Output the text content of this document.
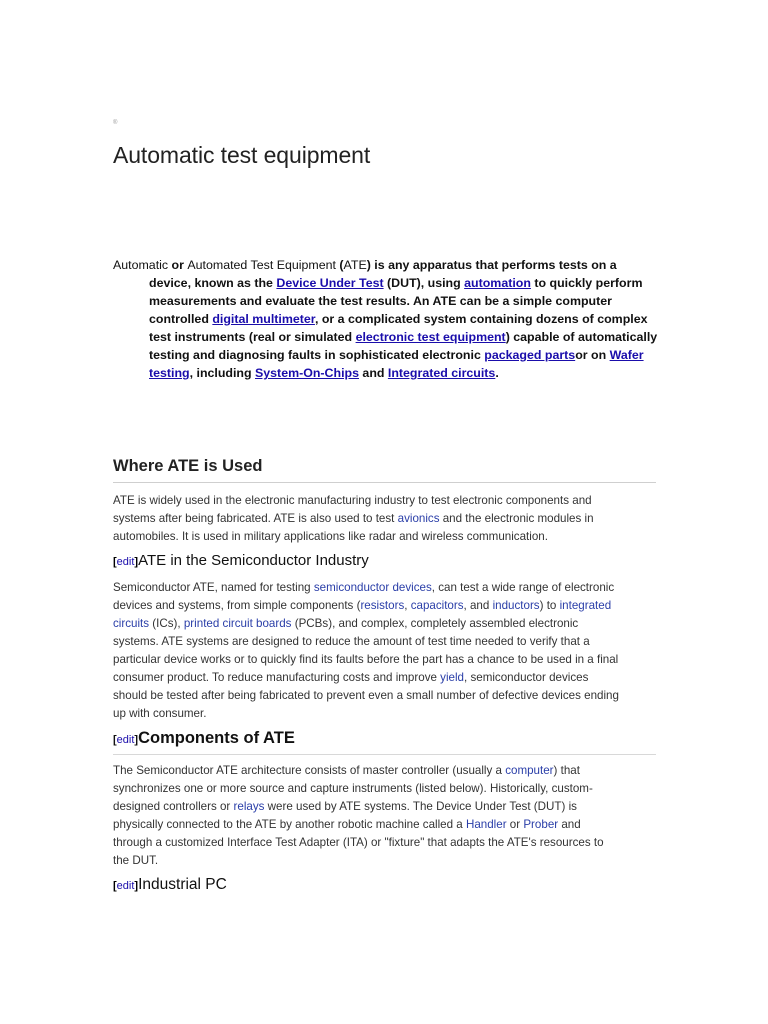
®
Automatic test equipment
Automatic or Automated Test Equipment (ATE) is any apparatus that performs tests on a
device, known as the Device Under Test (DUT), using automation to quickly perform
measurements and evaluate the test results. An ATE can be a simple computer
controlled digital multimeter, or a complicated system containing dozens of complex
test instruments (real or simulated electronic test equipment) capable of automatically
testing and diagnosing faults in sophisticated electronic packaged partsor on Wafer
testing, including System-On-Chips and Integrated circuits.
Where ATE is Used
ATE is widely used in the electronic manufacturing industry to test electronic components and
systems after being fabricated. ATE is also used to test avionics and the electronic modules in
automobiles. It is used in military applications like radar and wireless communication.
[edit]ATE in the Semiconductor Industry
Semiconductor ATE, named for testing semiconductor devices, can test a wide range of electronic
devices and systems, from simple components (resistors, capacitors, and inductors) to integrated
circuits (ICs), printed circuit boards (PCBs), and complex, completely assembled electronic
systems. ATE systems are designed to reduce the amount of test time needed to verify that a
particular device works or to quickly find its faults before the part has a chance to be used in a final
consumer product. To reduce manufacturing costs and improve yield, semiconductor devices
should be tested after being fabricated to prevent even a small number of defective devices ending
up with consumer.
[edit]Components of ATE
The Semiconductor ATE architecture consists of master controller (usually a computer) that
synchronizes one or more source and capture instruments (listed below). Historically, custom-
designed controllers or relays were used by ATE systems. The Device Under Test (DUT) is
physically connected to the ATE by another robotic machine called a Handler or Prober and
through a customized Interface Test Adapter (ITA) or "fixture" that adapts the ATE's resources to
the DUT.
[edit]Industrial PC
